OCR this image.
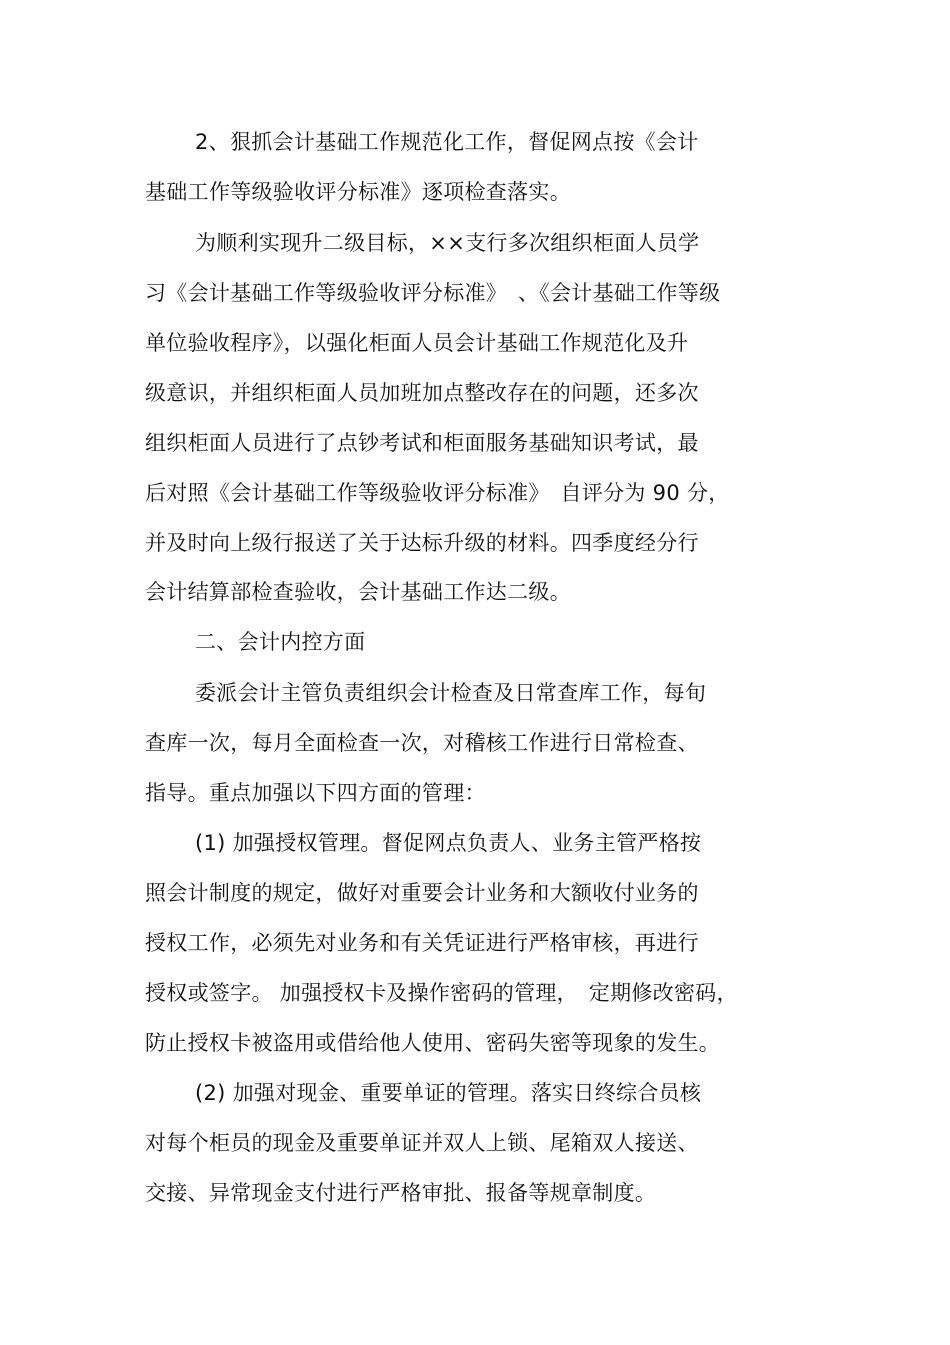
2、狠抓会计基础工作规范化工作，督促网点按《会计
基础工作等级验收评分标准》逐项检查落实。
为顺利实现升二级目标，××支行多次组织柜面人员学
习《会计基础工作等级验收评分标准》　、《会计基础工作等级
单位验收程序》，以强化柜面人员会计基础工作规范化及升
级意识，并组织柜面人员加班加点整改存在的问题，还多次
组织柜面人员进行了点钞考试和柜面服务基础知识考试，最
后对照《会计基础工作等级验收评分标准》　自评分为 90 分，
并及时向上级行报送了关于达标升级的材料。四季度经分行
会计结算部检查验收，会计基础工作达二级。
二、会计内控方面
委派会计主管负责组织会计检查及日常查库工作，每旬
查库一次，每月全面检查一次，对稽核工作进行日常检查、
指导。重点加强以下四方面的管理：
(1) 加强授权管理。督促网点负责人、业务主管严格按
照会计制度的规定，做好对重要会计业务和大额收付业务的
授权工作，必须先对业务和有关凭证进行严格审核，再进行
授权或签字。 加强授权卡及操作密码的管理，　定期修改密码，
防止授权卡被盗用或借给他人使用、密码失密等现象的发生。
(2) 加强对现金、重要单证的管理。落实日终综合员核
对每个柜员的现金及重要单证并双人上锁、尾箱双人接送、
交接、异常现金支付进行严格审批、报备等规章制度。
